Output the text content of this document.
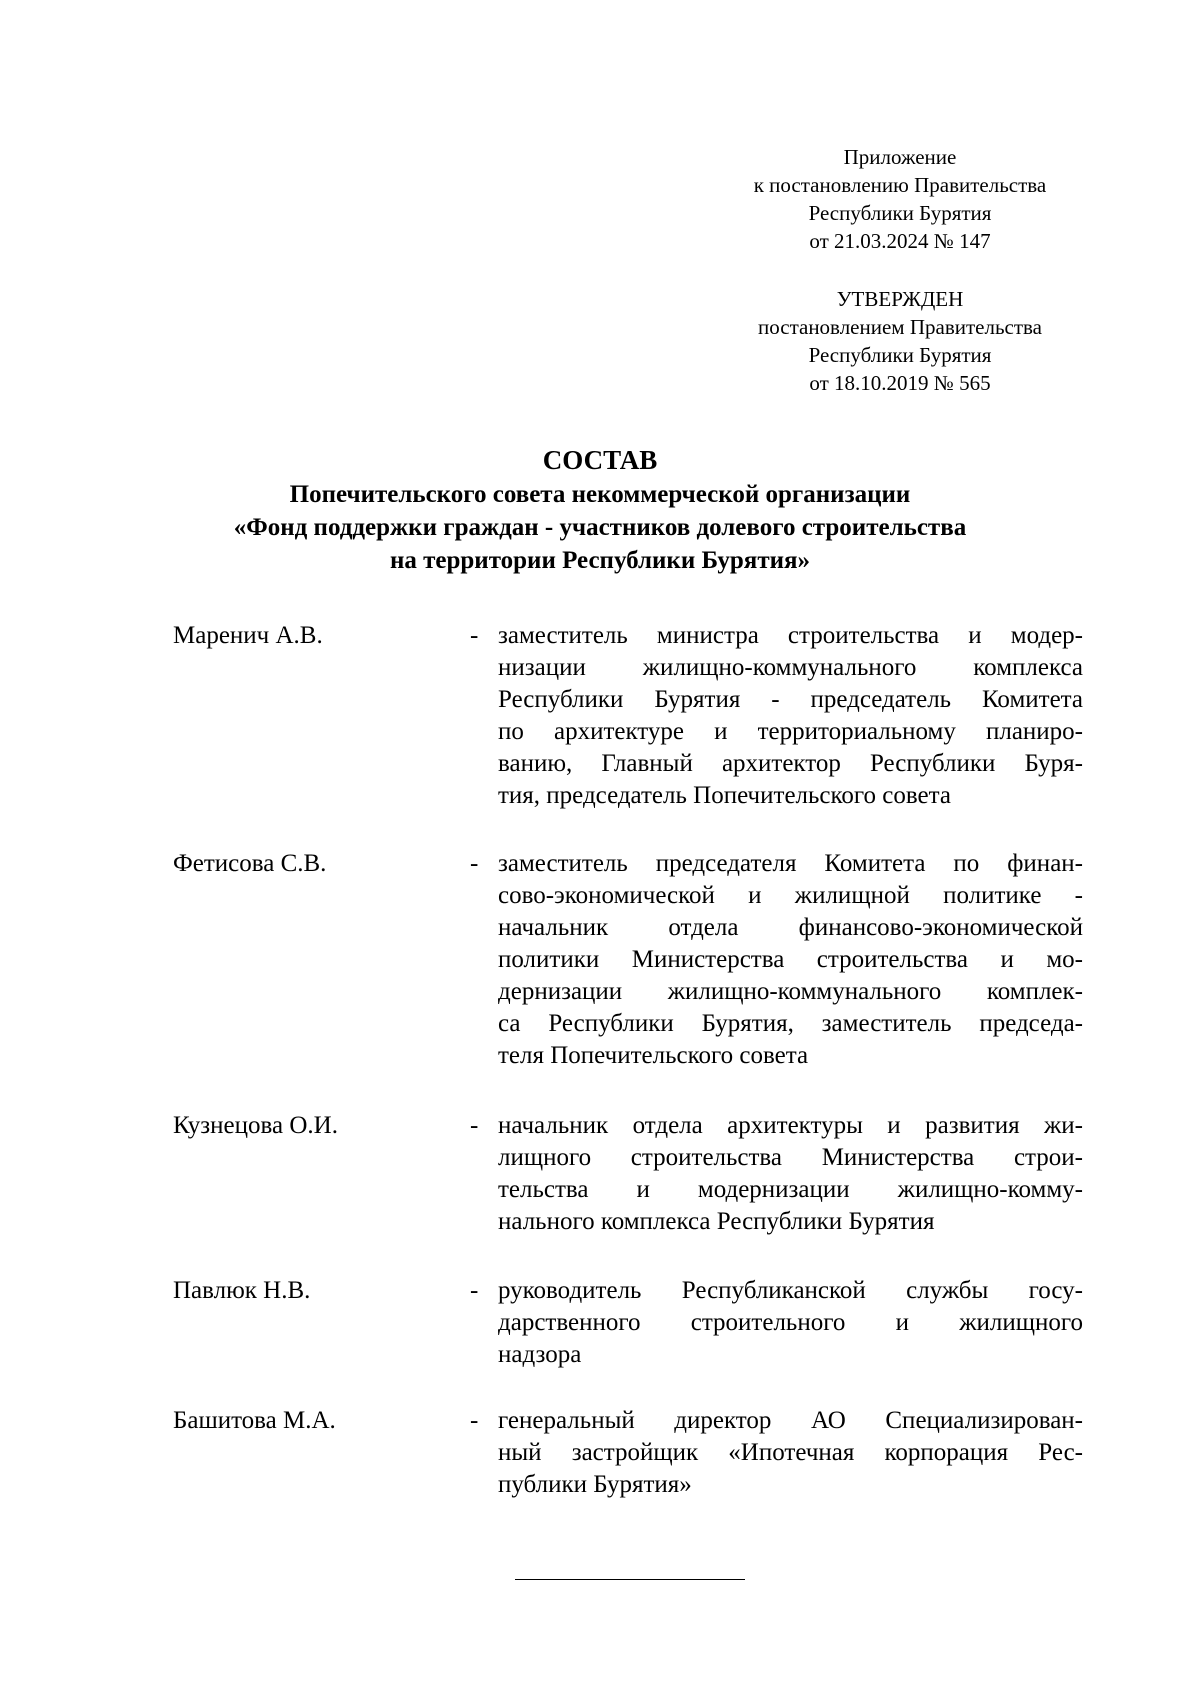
Приложение
к постановлению Правительства
Республики Бурятия
от 21.03.2024 № 147
УТВЕРЖДЕН
постановлением Правительства
Республики Бурятия
от 18.10.2019 № 565
СОСТАВ
Попечительского совета некоммерческой организации
«Фонд поддержки граждан - участников долевого строительства
на территории Республики Бурятия»
Маренич А.В.	- заместитель министра строительства и модер-
низации жилищно-коммунального комплекса
Республики Бурятия - председатель Комитета
по архитектуре и территориальному планиро-
ванию, Главный архитектор Республики Буря-
тия, председатель Попечительского совета
Фетисова С.В.	- заместитель председателя Комитета по финан-
сово-экономической и жилищной политике -
начальник отдела финансово-экономической
политики Министерства строительства и мо-
дернизации жилищно-коммунального комплек-
са Республики Бурятия, заместитель председа-
теля Попечительского совета
Кузнецова О.И.	- начальник отдела архитектуры и развития жи-
лищного строительства Министерства строи-
тельства и модернизации жилищно-комму-
нального комплекса Республики Бурятия
Павлюк Н.В.	- руководитель Республиканской службы госу-
дарственного строительного и жилищного
надзора
Башитова М.А.	- генеральный директор АО Специализирован-
ный застройщик «Ипотечная корпорация Рес-
публики Бурятия»
